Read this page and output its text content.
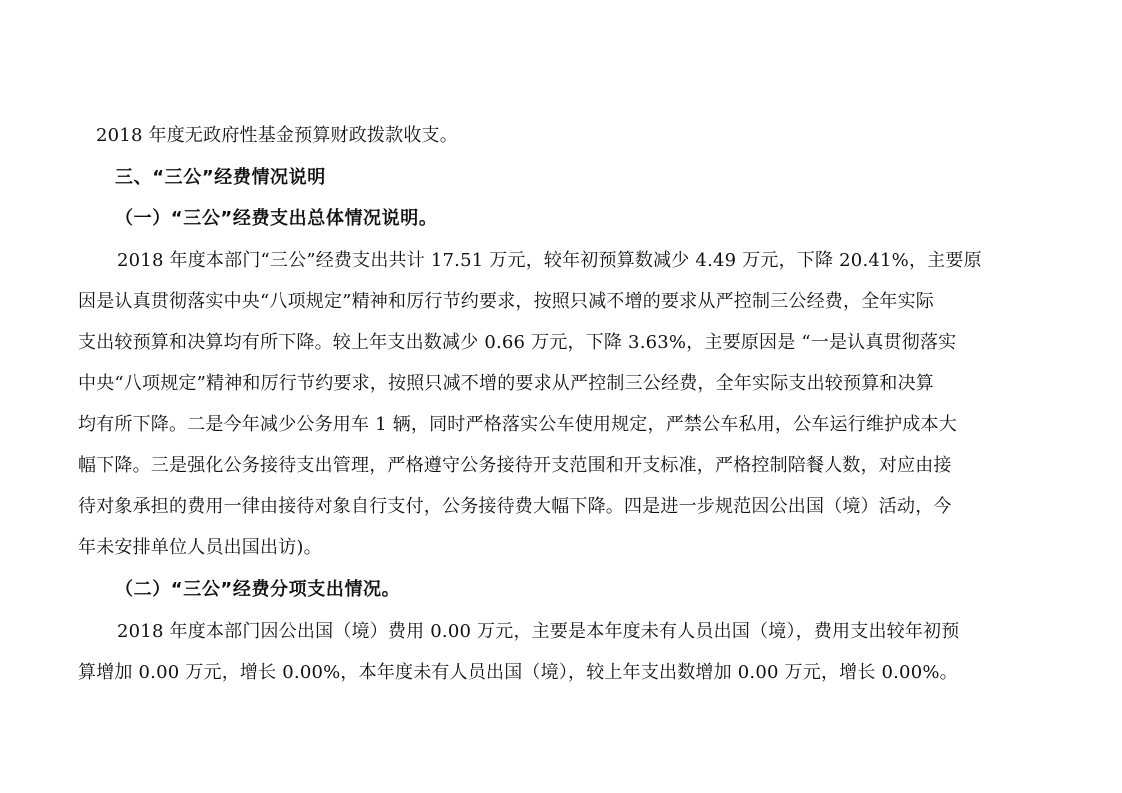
2018 年度无政府性基金预算财政拨款收支。
三、“三公”经费情况说明
（一）“三公”经费支出总体情况说明。
2018 年度本部门“三公”经费支出共计 17.51 万元，较年初预算数减少 4.49 万元，下降 20.41%，主要原
因是认真贯彻落实中央“八项规定”精神和厉行节约要求，按照只减不增的要求从严控制三公经费，全年实际
支出较预算和决算均有所下降。较上年支出数减少 0.66 万元，下降 3.63%，主要原因是 “一是认真贯彻落实
中央“八项规定”精神和厉行节约要求，按照只减不增的要求从严控制三公经费，全年实际支出较预算和决算
均有所下降。二是今年减少公务用车 1 辆，同时严格落实公车使用规定，严禁公车私用，公车运行维护成本大
幅下降。三是强化公务接待支出管理，严格遵守公务接待开支范围和开支标准，严格控制陪餐人数，对应由接
待对象承担的费用一律由接待对象自行支付，公务接待费大幅下降。四是进一步规范因公出国（境）活动，今
年未安排单位人员出国出访)。
（二）“三公”经费分项支出情况。
2018 年度本部门因公出国（境）费用 0.00 万元，主要是本年度未有人员出国（境），费用支出较年初预
算增加 0.00 万元，增长 0.00%，本年度未有人员出国（境），较上年支出数增加 0.00 万元，增长 0.00%。
